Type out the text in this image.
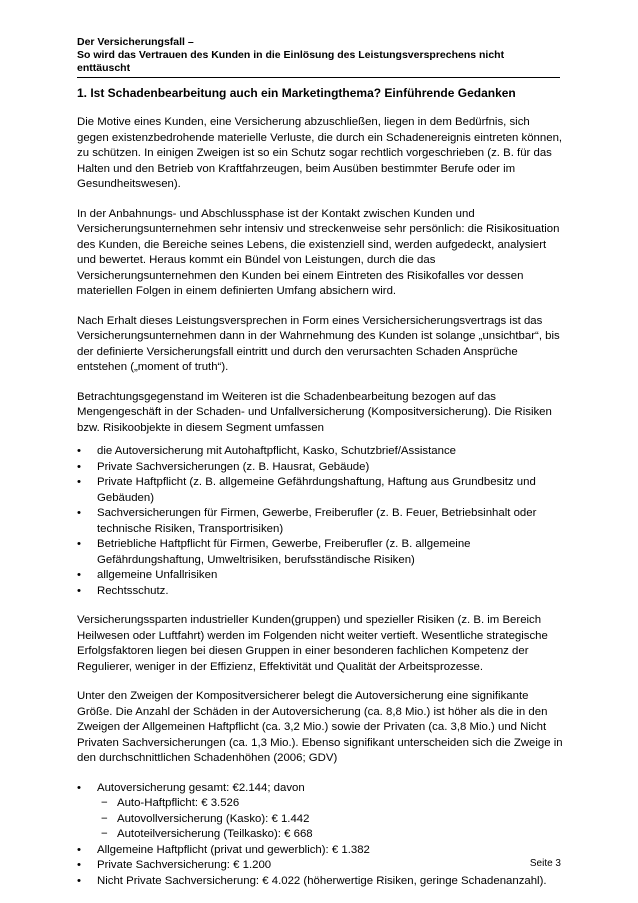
Der Versicherungsfall –
So wird das Vertrauen des Kunden in die Einlösung des Leistungsversprechens nicht enttäuscht
1. Ist Schadenbearbeitung auch ein Marketingthema? Einführende Gedanken

Die Motive eines Kunden, eine Versicherung abzuschließen, liegen in dem Bedürfnis, sich gegen existenzbedrohende materielle Verluste, die durch ein Schadenereignis eintreten können, zu schützen. In einigen Zweigen ist so ein Schutz sogar rechtlich vorgeschrieben (z. B. für das Halten und den Betrieb von Kraftfahrzeugen, beim Ausüben bestimmter Berufe oder im Gesundheitswesen).

In der Anbahnungs- und Abschlussphase ist der Kontakt zwischen Kunden und Versicherungsunternehmen sehr intensiv und streckenweise sehr persönlich: die Risikosituation des Kunden, die Bereiche seines Lebens, die existenziell sind, werden aufgedeckt, analysiert und bewertet. Heraus kommt ein Bündel von Leistungen, durch die das Versicherungsunternehmen den Kunden bei einem Eintreten des Risikofalles vor dessen materiellen Folgen in einem definierten Umfang absichern wird.

Nach Erhalt dieses Leistungsversprechen in Form eines Versichersicherungsvertrags ist das Versicherungsunternehmen dann in der Wahrnehmung des Kunden ist solange „unsichtbar“, bis der definierte Versicherungsfall eintritt und durch den verursachten Schaden Ansprüche entstehen („moment of truth“).

Betrachtungsgegenstand im Weiteren ist die Schadenbearbeitung bezogen auf das Mengengeschäft in der Schaden- und Unfallversicherung (Kompositversicherung). Die Risiken bzw. Risikoobjekte in diesem Segment umfassen

• die Autoversicherung mit Autohaftpflicht, Kasko, Schutzbrief/Assistance
• Private Sachversicherungen (z. B. Hausrat, Gebäude)
• Private Haftpflicht (z. B. allgemeine Gefährdungshaftung, Haftung aus Grundbesitz und Gebäuden)
• Sachversicherungen für Firmen, Gewerbe, Freiberufler (z. B. Feuer, Betriebsinhalt oder technische Risiken, Transportrisiken)
• Betriebliche Haftpflicht für Firmen, Gewerbe, Freiberufler (z. B. allgemeine Gefährdungshaftung, Umweltrisiken, berufsständische Risiken)
• allgemeine Unfallrisiken
• Rechtsschutz.

Versicherungssparten industrieller Kunden(gruppen) und spezieller Risiken (z. B. im Bereich Heilwesen oder Luftfahrt) werden im Folgenden nicht weiter vertieft. Wesentliche strategische Erfolgsfaktoren liegen bei diesen Gruppen in einer besonderen fachlichen Kompetenz der Regulierer, weniger in der Effizienz, Effektivität und Qualität der Arbeitsprozesse.

Unter den Zweigen der Kompositversicherer belegt die Autoversicherung eine signifikante Größe. Die Anzahl der Schäden in der Autoversicherung (ca. 8,8 Mio.) ist höher als die in den Zweigen der Allgemeinen Haftpflicht (ca. 3,2 Mio.) sowie der Privaten (ca. 3,8 Mio.) und Nicht Privaten Sachversicherungen (ca. 1,3 Mio.). Ebenso signifikant unterscheiden sich die Zweige in den durchschnittlichen Schadenhöhen (2006; GDV)

• Autoversicherung gesamt: €2.144; davon
− Auto-Haftpflicht: € 3.526
− Autovollversicherung (Kasko): € 1.442
− Autoteilversicherung (Teilkasko): € 668
• Allgemeine Haftpflicht (privat und gewerblich): € 1.382
• Private Sachversicherung: € 1.200
• Nicht Private Sachversicherung: € 4.022 (höherwertige Risiken, geringe Schadenanzahl).
Seite 3
